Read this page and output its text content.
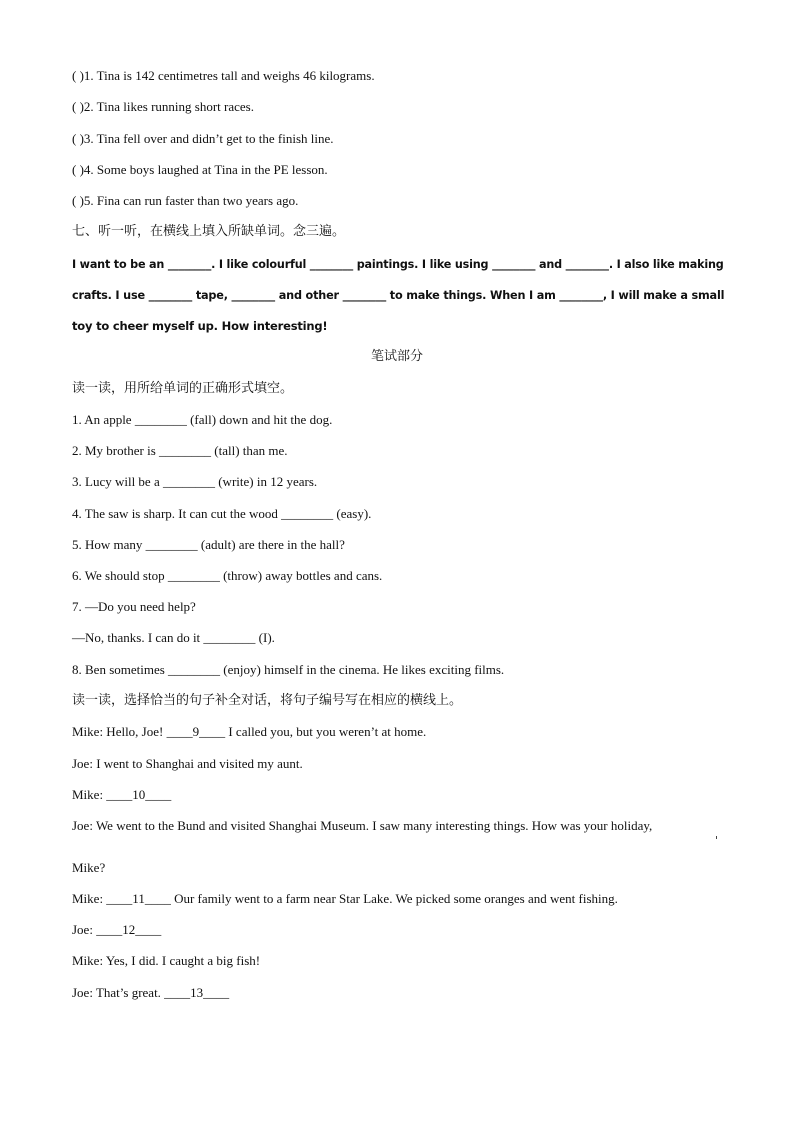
( )1. Tina is 142 centimetres tall and weighs 46 kilograms.
( )2. Tina likes running short races.
( )3. Tina fell over and didn’t get to the finish line.
( )4. Some boys laughed at Tina in the PE lesson.
( )5. Fina can run faster than two years ago.
七、听一听，在横线上填入所缺单词。念三遍。
I want to be an ________. I like colourful ________ paintings. I like using ________ and ________. I also like making
crafts. I use ________ tape, ________ and other ________ to make things. When I am ________, I will make a small
toy to cheer myself up. How interesting!
笔试部分
读一读，用所给单词的正确形式填空。
1. An apple ________ (fall) down and hit the dog.
2. My brother is ________ (tall) than me.
3. Lucy will be a ________ (write) in 12 years.
4. The saw is sharp. It can cut the wood ________ (easy).
5. How many ________ (adult) are there in the hall?
6. We should stop ________ (throw) away bottles and cans.
7. —Do you need help?
—No, thanks. I can do it ________ (I).
8. Ben sometimes ________ (enjoy) himself in the cinema. He likes exciting films.
读一读，选择恰当的句子补全对话，将句子编号写在相应的横线上。
Mike: Hello, Joe! ____9____ I called you, but you weren’t at home.
Joe: I went to Shanghai and visited my aunt.
Mike: ____10____
Joe: We went to the Bund and visited Shanghai Museum. I saw many interesting things. How was your holiday,
Mike?
Mike: ____11____ Our family went to a farm near Star Lake. We picked some oranges and went fishing.
Joe: ____12____
Mike: Yes, I did. I caught a big fish!
Joe: That’s great. ____13____
